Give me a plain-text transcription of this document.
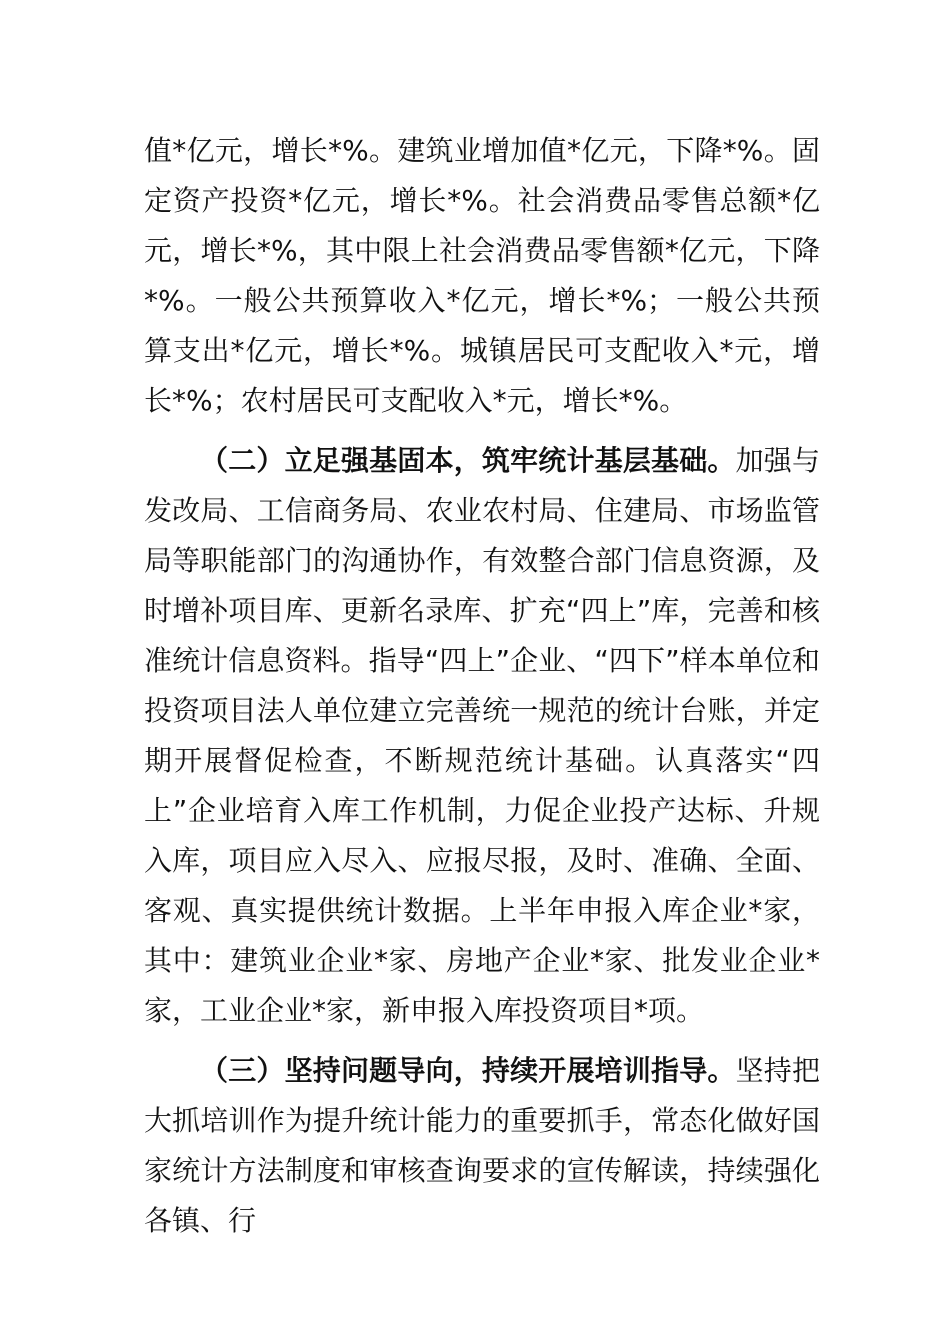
值*亿元，增长*%。建筑业增加值*亿元，下降*%。固定资产投资*亿元，增长*%。社会消费品零售总额*亿元，增长*%，其中限上社会消费品零售额*亿元，下降*%。一般公共预算收入*亿元，增长*%；一般公共预算支出*亿元，增长*%。城镇居民可支配收入*元，增长*%；农村居民可支配收入*元，增长*%。

（二）立足强基固本，筑牢统计基层基础。加强与发改局、工信商务局、农业农村局、住建局、市场监管局等职能部门的沟通协作，有效整合部门信息资源，及时增补项目库、更新名录库、扩充“四上”库，完善和核准统计信息资料。指导“四上”企业、“四下”样本单位和投资项目法人单位建立完善统一规范的统计台账，并定期开展督促检查，不断规范统计基础。认真落实“四上”企业培育入库工作机制，力促企业投产达标、升规入库，项目应入尽入、应报尽报，及时、准确、全面、客观、真实提供统计数据。上半年申报入库企业*家，其中：建筑业企业*家、房地产企业*家、批发业企业*家，工业企业*家，新申报入库投资项目*项。

（三）坚持问题导向，持续开展培训指导。坚持把大抓培训作为提升统计能力的重要抓手，常态化做好国家统计方法制度和审核查询要求的宣传解读，持续强化各镇、行
